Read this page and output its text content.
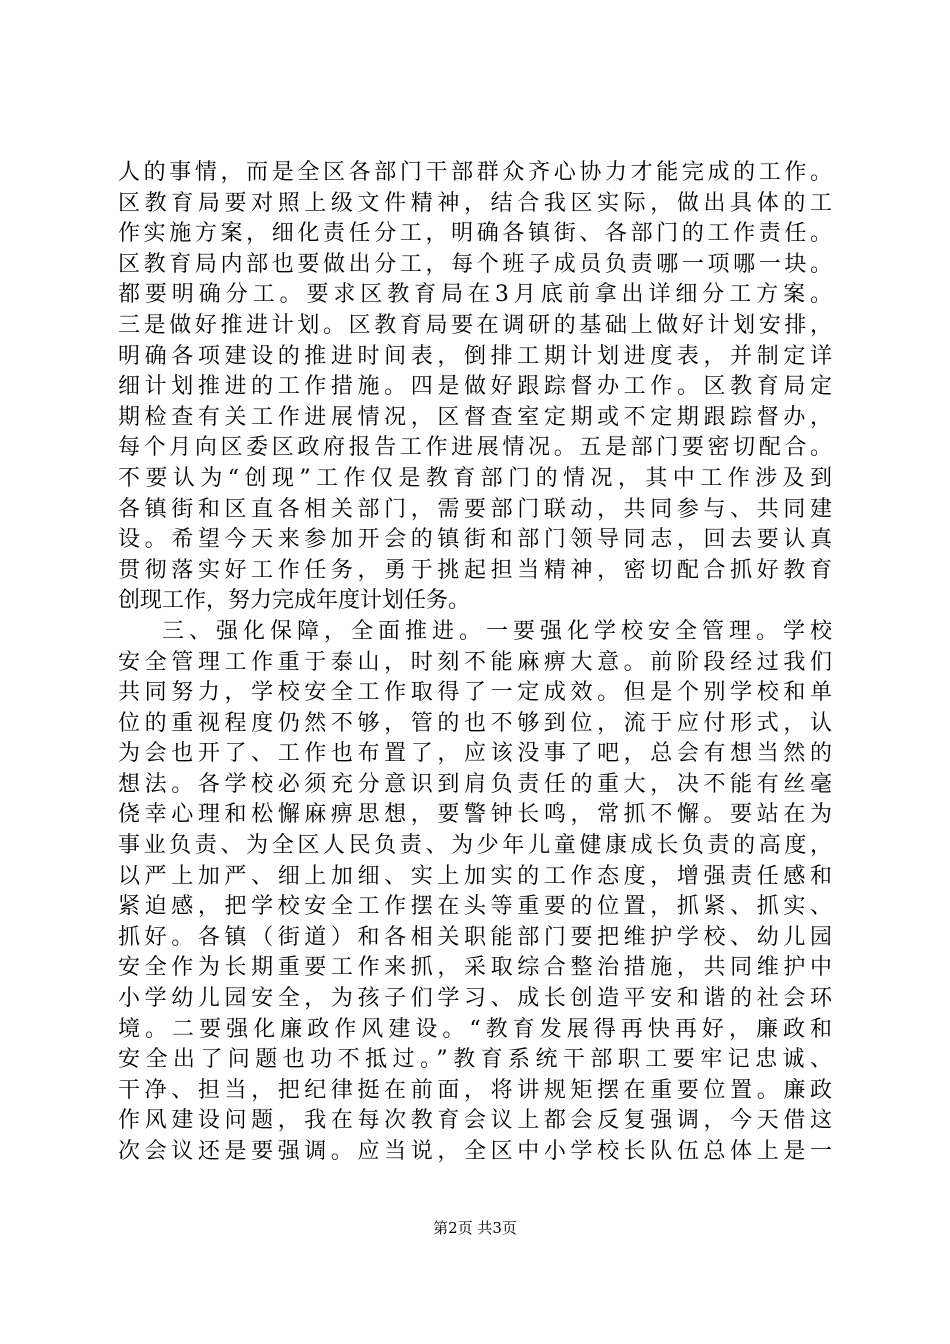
人的事情，而是全区各部门干部群众齐心协力才能完成的工作。
区教育局要对照上级文件精神，结合我区实际，做出具体的工
作实施方案，细化责任分工，明确各镇街、各部门的工作责任。
区教育局内部也要做出分工，每个班子成员负责哪一项哪一块。
都要明确分工。要求区教育局在3月底前拿出详细分工方案。
三是做好推进计划。区教育局要在调研的基础上做好计划安排，
明确各项建设的推进时间表，倒排工期计划进度表，并制定详
细计划推进的工作措施。四是做好跟踪督办工作。区教育局定
期检查有关工作进展情况，区督查室定期或不定期跟踪督办，
每个月向区委区政府报告工作进展情况。五是部门要密切配合。
不要认为“创现”工作仅是教育部门的情况，其中工作涉及到
各镇街和区直各相关部门，需要部门联动，共同参与、共同建
设。希望今天来参加开会的镇街和部门领导同志，回去要认真
贯彻落实好工作任务，勇于挑起担当精神，密切配合抓好教育
创现工作，努力完成年度计划任务。
三、强化保障，全面推进。一要强化学校安全管理。学校
安全管理工作重于泰山，时刻不能麻痹大意。前阶段经过我们
共同努力，学校安全工作取得了一定成效。但是个别学校和单
位的重视程度仍然不够，管的也不够到位，流于应付形式，认
为会也开了、工作也布置了，应该没事了吧，总会有想当然的
想法。各学校必须充分意识到肩负责任的重大，决不能有丝毫
侥幸心理和松懈麻痹思想，要警钟长鸣，常抓不懈。要站在为
事业负责、为全区人民负责、为少年儿童健康成长负责的高度，
以严上加严、细上加细、实上加实的工作态度，增强责任感和
紧迫感，把学校安全工作摆在头等重要的位置，抓紧、抓实、
抓好。各镇（街道）和各相关职能部门要把维护学校、幼儿园
安全作为长期重要工作来抓，采取综合整治措施，共同维护中
小学幼儿园安全，为孩子们学习、成长创造平安和谐的社会环
境。二要强化廉政作风建设。“教育发展得再快再好，廉政和
安全出了问题也功不抵过。”教育系统干部职工要牢记忠诚、
干净、担当，把纪律挺在前面，将讲规矩摆在重要位置。廉政
作风建设问题，我在每次教育会议上都会反复强调，今天借这
次会议还是要强调。应当说，全区中小学校长队伍总体上是一
第2页 共3页
